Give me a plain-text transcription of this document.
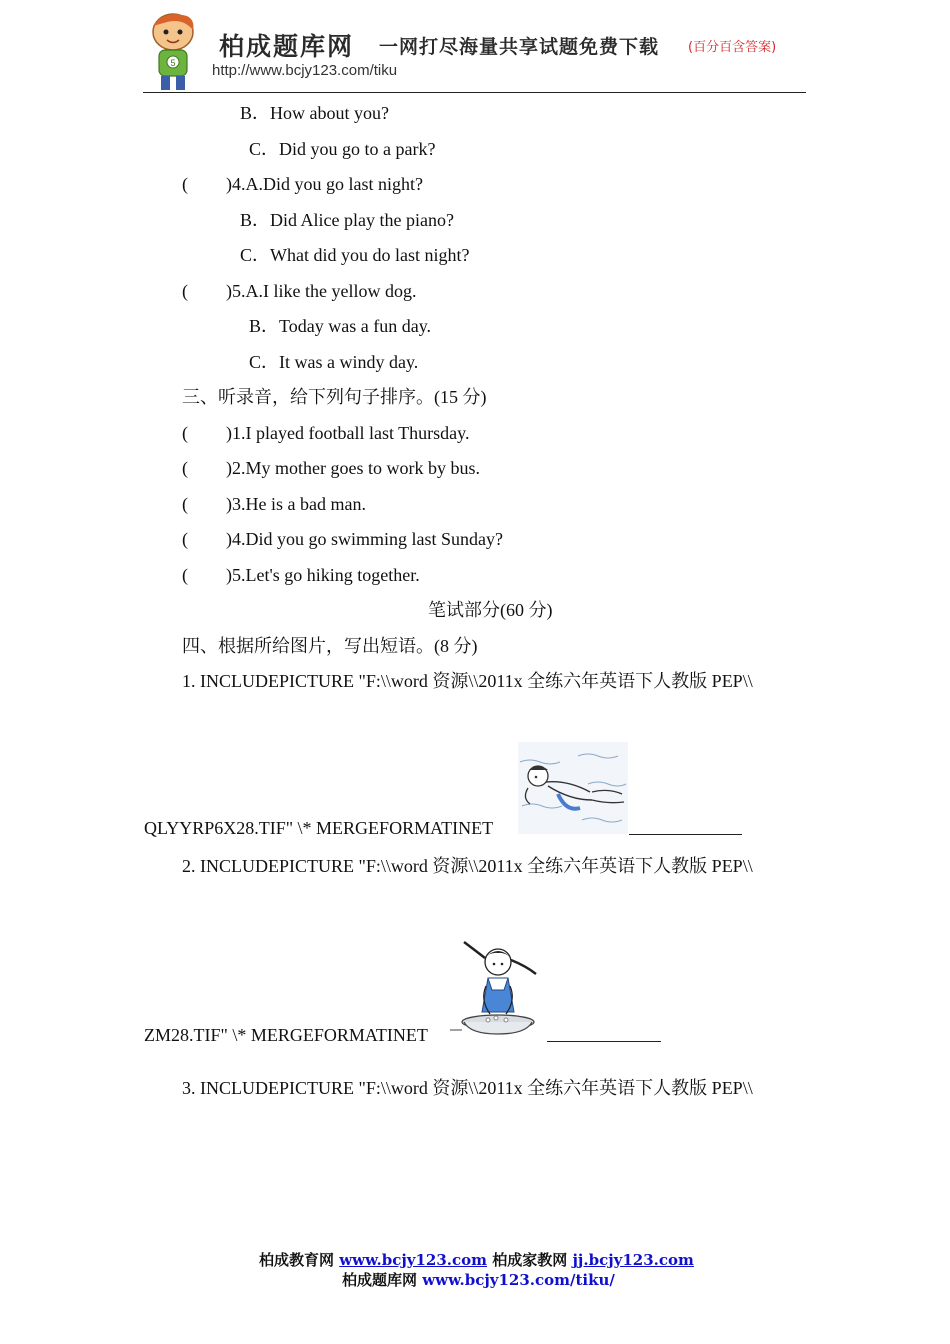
5
柏成题库网 一网打尽海量共享试题免费下载 (百分百含答案)
http://www.bcjy123.com/tiku
B．How about you?
C．Did you go to a park?
( )4.A.Did you go last night?
B．Did Alice play the piano?
C．What did you do last night?
( )5.A.I like the yellow dog.
B．Today was a fun day.
C．It was a windy day.
三、听录音，给下列句子排序。(15 分)
( )1.I played football last Thursday.
( )2.My mother goes to work by bus.
( )3.He is a bad man.
( )4.Did you go swimming last Sunday?
( )5.Let's go hiking together.
笔试部分(60 分)
四、根据所给图片，写出短语。(8 分)
1. INCLUDEPICTURE "F:\\word 资源\\2011x 全练六年英语下人教版 PEP\\
QLYYRP6X28.TIF" \* MERGEFORMATINET
2. INCLUDEPICTURE "F:\\word 资源\\2011x 全练六年英语下人教版 PEP\\
ZM28.TIF" \* MERGEFORMATINET
3. INCLUDEPICTURE "F:\\word 资源\\2011x 全练六年英语下人教版 PEP\\
柏成教育网 www.bcjy123.com 柏成家教网 jj.bcjy123.com
柏成题库网 www.bcjy123.com/tiku/
